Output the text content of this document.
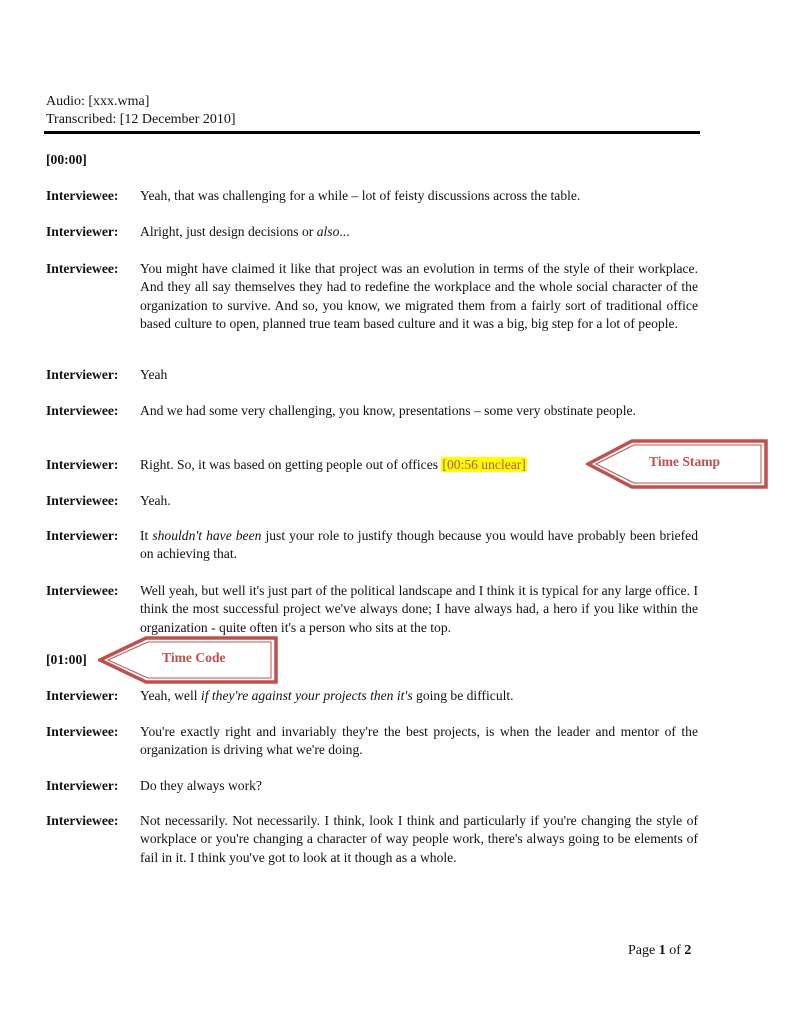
Audio: [xxx.wma]
Transcribed: [12 December 2010]
[00:00]
Interviewee:	Yeah, that was challenging for a while – lot of feisty discussions across the table.
Interviewer:	Alright, just design decisions or also...
Interviewee:	You might have claimed it like that project was an evolution in terms of the style of their workplace. And they all say themselves they had to redefine the workplace and the whole social character of the organization to survive. And so, you know, we migrated them from a fairly sort of traditional office based culture to open, planned true team based culture and it was a big, big step for a lot of people.
Interviewer:	Yeah
Interviewee:	And we had some very challenging, you know, presentations – some very obstinate people.
Interviewer:	Right. So, it was based on getting people out of offices [00:56 unclear]	Time Stamp
Interviewee:	Yeah.
Interviewer:	It shouldn't have been just your role to justify though because you would have probably been briefed on achieving that.
Interviewee:	Well yeah, but well it's just part of the political landscape and I think it is typical for any large office. I think the most successful project we've always done; I have always had, a hero if you like within the organization - quite often it's a person who sits at the top.
[01:00]	Time Code
Interviewer:	Yeah, well if they're against your projects then it's going be difficult.
Interviewee:	You're exactly right and invariably they're the best projects, is when the leader and mentor of the organization is driving what we're doing.
Interviewer:	Do they always work?
Interviewee:	Not necessarily. Not necessarily. I think, look I think and particularly if you're changing the style of workplace or you're changing a character of way people work, there's always going to be elements of fail in it. I think you've got to look at it though as a whole.
Page 1 of 2
